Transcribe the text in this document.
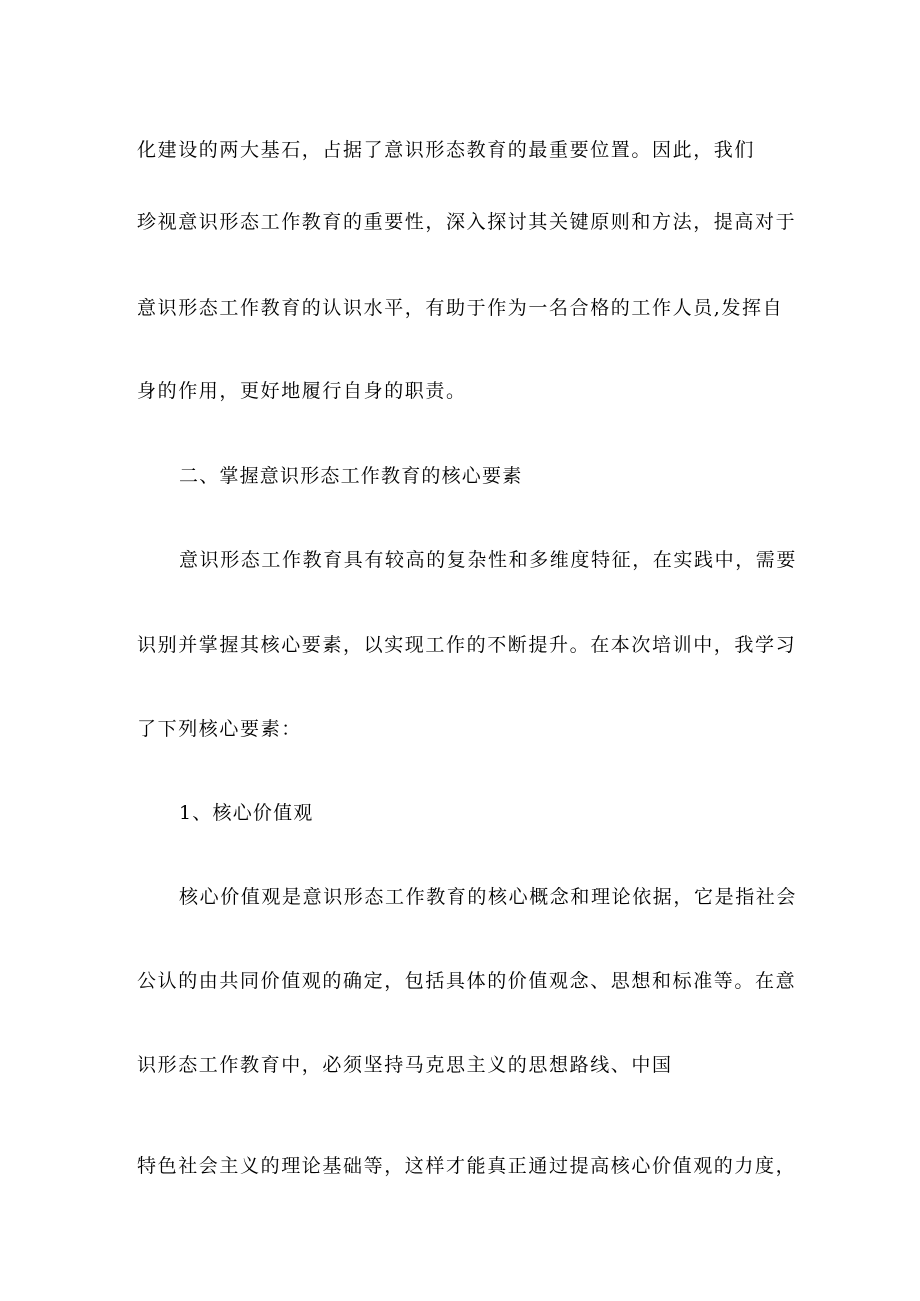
化建设的两大基石，占据了意识形态教育的最重要位置。因此，我们
珍视意识形态工作教育的重要性，深入探讨其关键原则和方法，提高对于
意识形态工作教育的认识水平，有助于作为一名合格的工作人员,发挥自
身的作用，更好地履行自身的职责。
二、掌握意识形态工作教育的核心要素
意识形态工作教育具有较高的复杂性和多维度特征，在实践中，需要
识别并掌握其核心要素，以实现工作的不断提升。在本次培训中，我学习
了下列核心要素：
1、核心价值观
核心价值观是意识形态工作教育的核心概念和理论依据，它是指社会
公认的由共同价值观的确定，包括具体的价值观念、思想和标准等。在意
识形态工作教育中，必须坚持马克思主义的思想路线、中国
特色社会主义的理论基础等，这样才能真正通过提高核心价值观的力度，
